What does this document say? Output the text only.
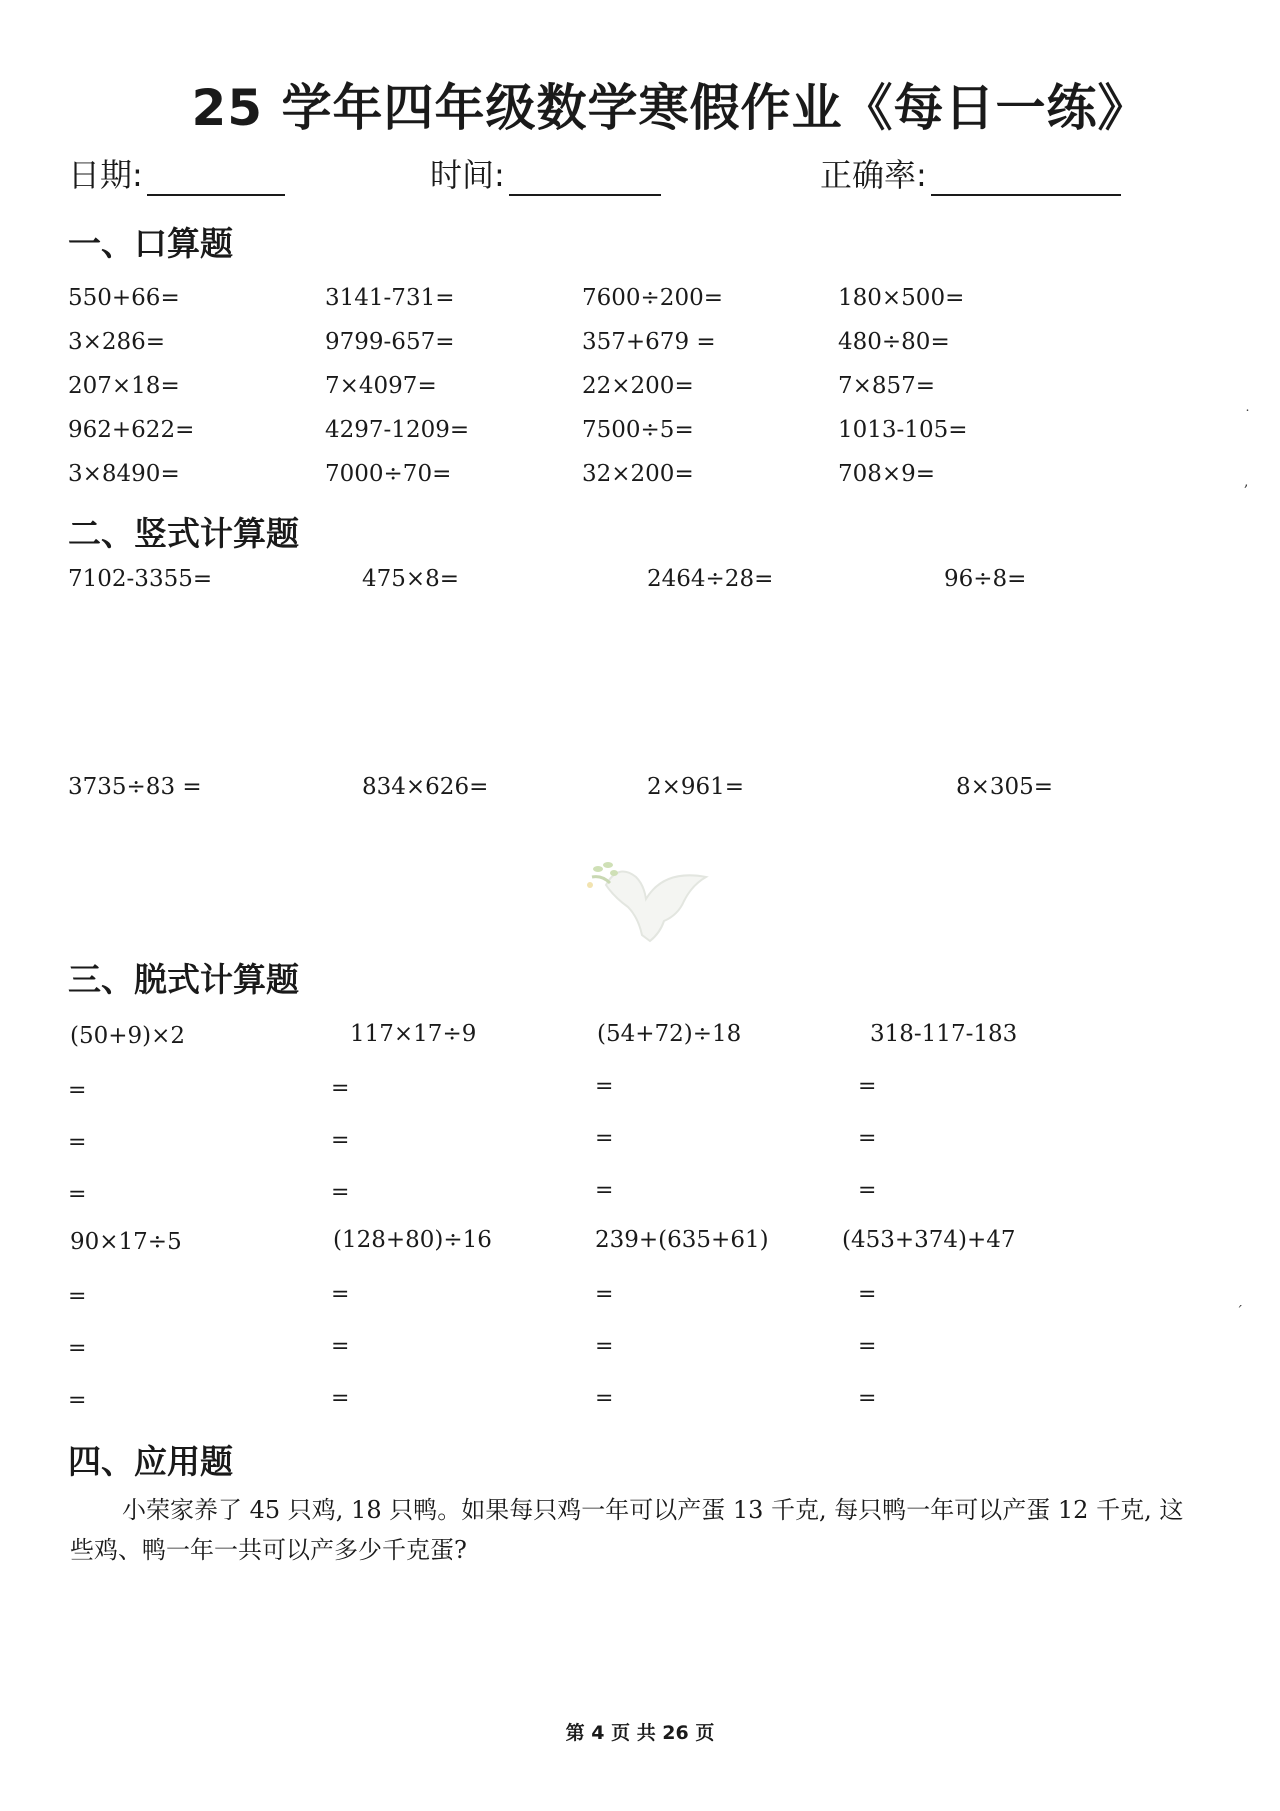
25 学年四年级数学寒假作业《每日一练》
日期:	时间:	正确率:
一、口算题
550+66=	3141-731=	7600÷200=	180×500=
3×286=	9799-657=	357+679 =	480÷80=
207×18=	7×4097=	22×200=	7×857=
962+622=	4297-1209=	7500÷5=	1013-105=
3×8490=	7000÷70=	32×200=	708×9=
二、竖式计算题
7102-3355=	475×8=	2464÷28=	96÷8=
3735÷83 =	834×626=	2×961=	8×305=
三、脱式计算题
(50+9)×2	117×17÷9	(54+72)÷18	318-117-183
=	=	=	=
=	=	=	=
=	=	=	=
90×17÷5	(128+80)÷16	239+(635+61)	(453+374)+47
=	=	=	=
=	=	=	=
=	=	=	=
四、应用题
小荣家养了 45 只鸡, 18 只鸭。如果每只鸡一年可以产蛋 13 千克, 每只鸭一年可以产蛋 12 千克, 这些鸡、鸭一年一共可以产多少千克蛋?
第 4 页 共 26 页
˙
,
ˊ
